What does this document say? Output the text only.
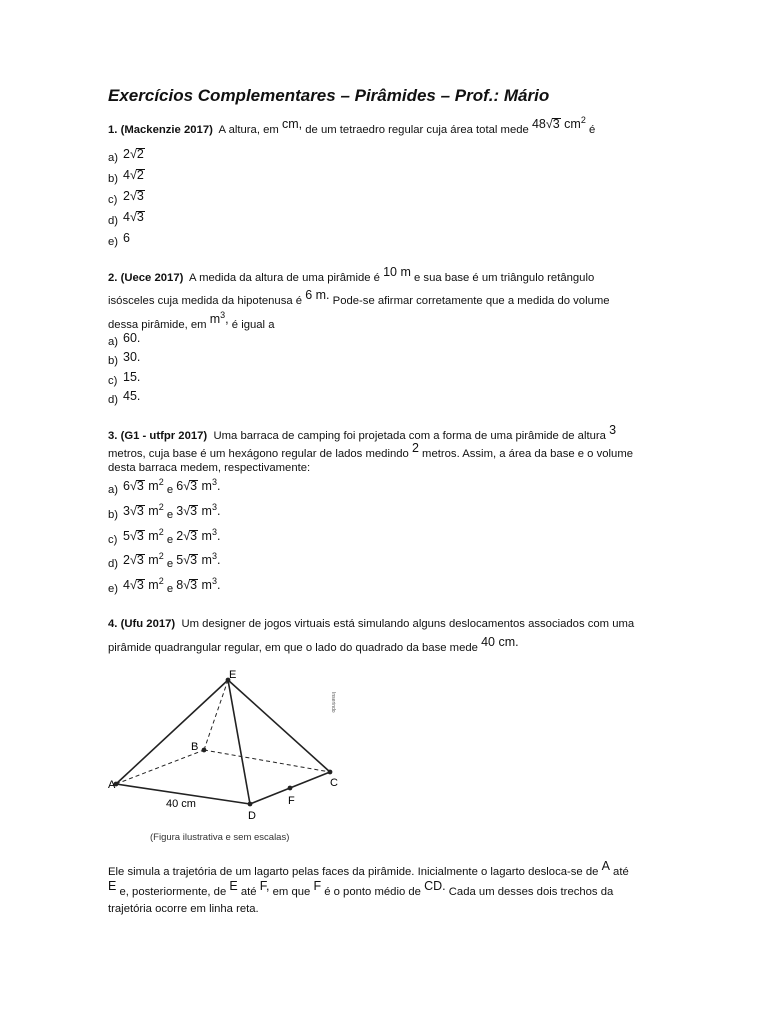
Exercícios Complementares – Pirâmides – Prof.: Mário
1. (Mackenzie 2017) A altura, em cm, de um tetraedro regular cuja área total mede 48√3 $cm^2$ é
a) 2√2
b) 4√2
c) 2√3
d) 4√3
e) 6
2. (Uece 2017) A medida da altura de uma pirâmide é 10 m e sua base é um triângulo retângulo
isósceles cuja medida da hipotenusa é 6 m. Pode-se afirmar corretamente que a medida do volume
dessa pirâmide, em $m^3$, é igual a
a) 60.
b) 30.
c) 15.
d) 45.
3. (G1 - utfpr 2017) Uma barraca de camping foi projetada com a forma de uma pirâmide de altura 3
metros, cuja base é um hexágono regular de lados medindo 2 metros. Assim, a área da base e o volume
desta barraca medem, respectivamente:
a) 6√3 $m^2$ e 6√3 $m^3$.
b) 3√3 $m^2$ e 3√3 $m^3$.
c) 5√3 $m^2$ e 2√3 $m^3$.
d) 2√3 $m^2$ e 5√3 $m^3$.
e) 4√3 $m^2$ e 8√3 $m^3$.
4. (Ufu 2017) Um designer de jogos virtuais está simulando alguns deslocamentos associados com uma
pirâmide quadrangular regular, em que o lado do quadrado da base mede 40 cm.
E
B
A	C
D
F
40 cm
Inserindo
(Figura ilustrativa e sem escalas)
Ele simula a trajetória de um lagarto pelas faces da pirâmide. Inicialmente o lagarto desloca-se de A até
E e, posteriormente, de E até F, em que F é o ponto médio de CD. Cada um desses dois trechos da
trajetória ocorre em linha reta.
